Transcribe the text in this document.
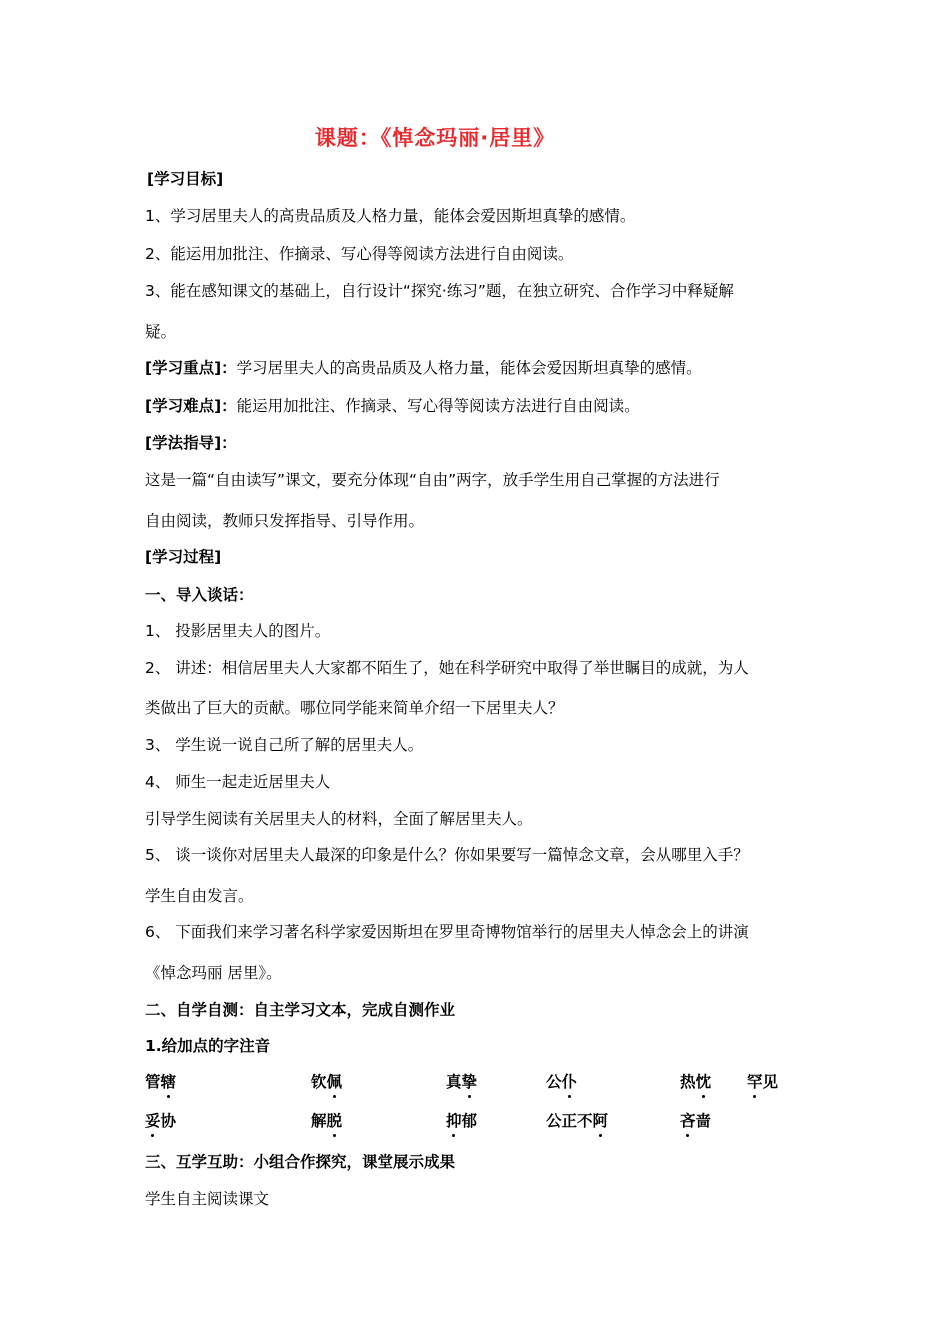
课题：《悼念玛丽·居里》
[学习目标]
1、学习居里夫人的高贵品质及人格力量，能体会爱因斯坦真挚的感情。
2、能运用加批注、作摘录、写心得等阅读方法进行自由阅读。
3、能在感知课文的基础上，自行设计“探究·练习”题，在独立研究、合作学习中释疑解
疑。
[学习重点]：学习居里夫人的高贵品质及人格力量，能体会爱因斯坦真挚的感情。
[学习难点]：能运用加批注、作摘录、写心得等阅读方法进行自由阅读。
[学法指导]：
这是一篇“自由读写”课文，要充分体现“自由”两字，放手学生用自己掌握的方法进行
自由阅读，教师只发挥指导、引导作用。
[学习过程]
一、导入谈话：
1、 投影居里夫人的图片。
2、 讲述：相信居里夫人大家都不陌生了，她在科学研究中取得了举世瞩目的成就，为人
类做出了巨大的贡献。哪位同学能来简单介绍一下居里夫人？
3、 学生说一说自己所了解的居里夫人。
4、 师生一起走近居里夫人
引导学生阅读有关居里夫人的材料，全面了解居里夫人。
5、 谈一谈你对居里夫人最深的印象是什么？你如果要写一篇悼念文章，会从哪里入手？
学生自由发言。
6、 下面我们来学习著名科学家爱因斯坦在罗里奇博物馆举行的居里夫人悼念会上的讲演
《悼念玛丽 居里》。
二、自学自测：自主学习文本，完成自测作业
1.给加点的字注音
管辖	钦佩	真挚	公仆	热忱 罕见
妥协	解脱	抑郁	公正不阿	吝啬
三、互学互助：小组合作探究，课堂展示成果
学生自主阅读课文
